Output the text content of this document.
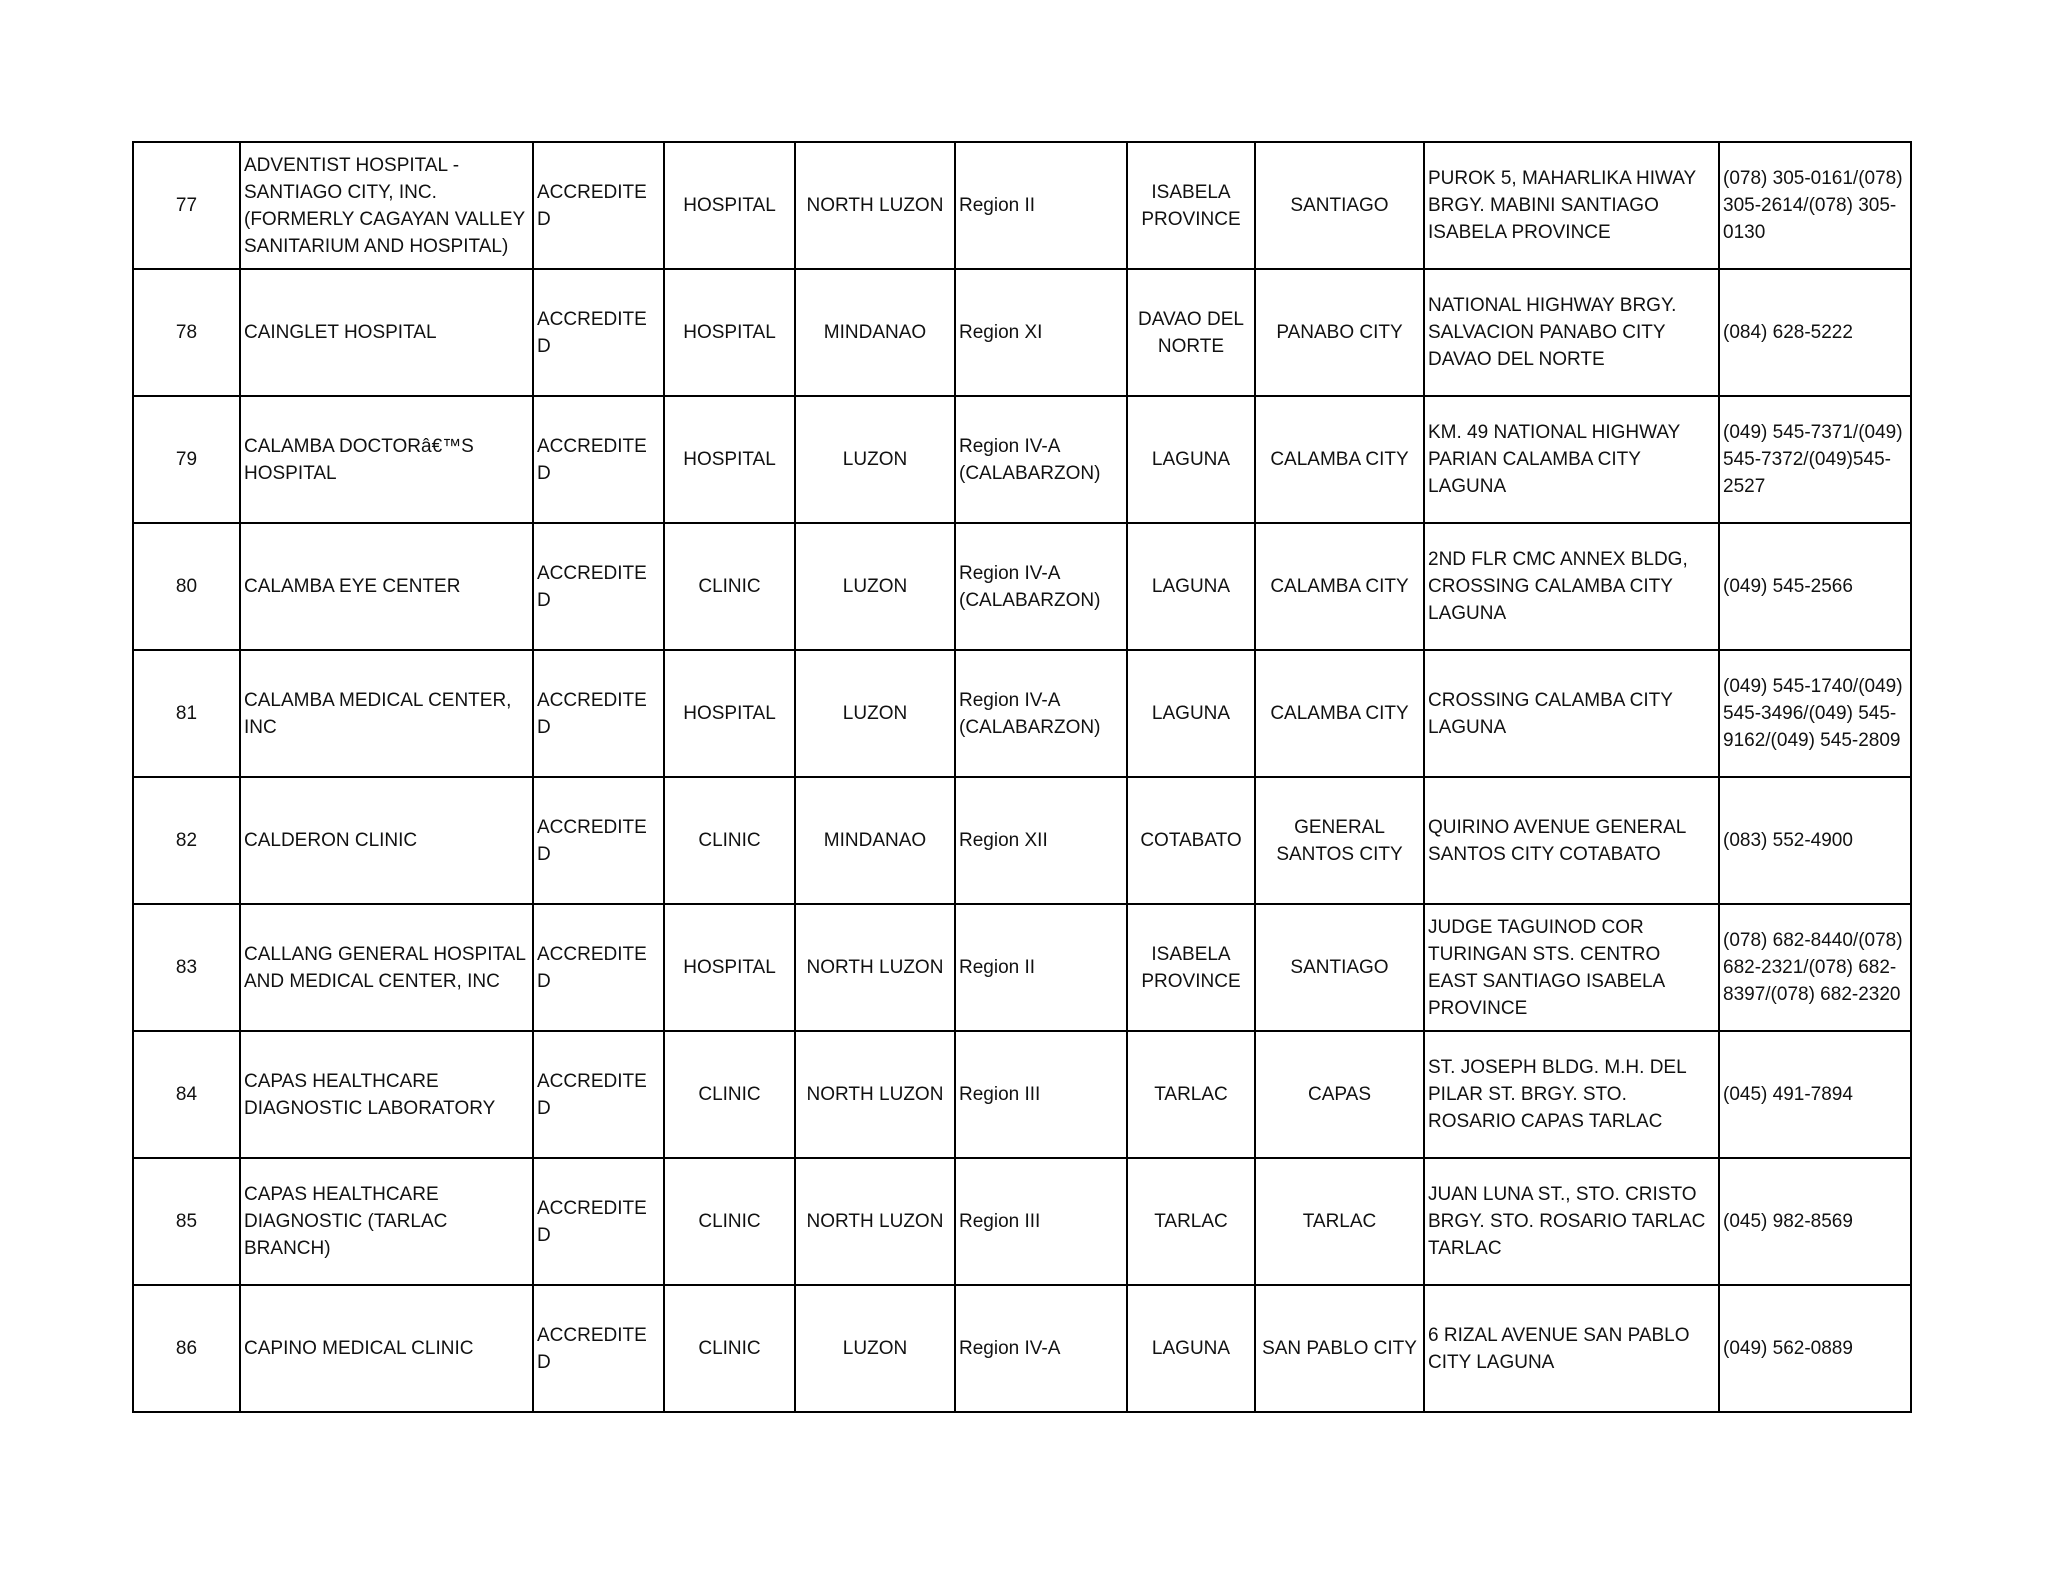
77	ADVENTIST HOSPITAL - SANTIAGO CITY, INC. (FORMERLY CAGAYAN VALLEY SANITARIUM AND HOSPITAL)	ACCREDITED	HOSPITAL	NORTH LUZON	Region II	ISABELA PROVINCE	SANTIAGO	PUROK 5, MAHARLIKA HIWAY BRGY. MABINI SANTIAGO ISABELA PROVINCE	(078) 305-0161/(078) 305-2614/(078) 305-0130
78	CAINGLET HOSPITAL	ACCREDITED	HOSPITAL	MINDANAO	Region XI	DAVAO DEL NORTE	PANABO CITY	NATIONAL HIGHWAY BRGY. SALVACION PANABO CITY DAVAO DEL NORTE	(084) 628-5222
79	CALAMBA DOCTORâ€™S HOSPITAL	ACCREDITED	HOSPITAL	LUZON	Region IV-A (CALABARZON)	LAGUNA	CALAMBA CITY	KM. 49 NATIONAL HIGHWAY PARIAN CALAMBA CITY LAGUNA	(049) 545-7371/(049) 545-7372/(049)545-2527
80	CALAMBA EYE CENTER	ACCREDITED	CLINIC	LUZON	Region IV-A (CALABARZON)	LAGUNA	CALAMBA CITY	2ND FLR CMC ANNEX BLDG, CROSSING CALAMBA CITY LAGUNA	(049) 545-2566
81	CALAMBA MEDICAL CENTER, INC	ACCREDITED	HOSPITAL	LUZON	Region IV-A (CALABARZON)	LAGUNA	CALAMBA CITY	CROSSING CALAMBA CITY LAGUNA	(049) 545-1740/(049) 545-3496/(049) 545-9162/(049) 545-2809
82	CALDERON CLINIC	ACCREDITED	CLINIC	MINDANAO	Region XII	COTABATO	GENERAL SANTOS CITY	QUIRINO AVENUE GENERAL SANTOS CITY COTABATO	(083) 552-4900
83	CALLANG GENERAL HOSPITAL AND MEDICAL CENTER, INC	ACCREDITED	HOSPITAL	NORTH LUZON	Region II	ISABELA PROVINCE	SANTIAGO	JUDGE TAGUINOD COR TURINGAN STS. CENTRO EAST SANTIAGO ISABELA PROVINCE	(078) 682-8440/(078) 682-2321/(078) 682-8397/(078) 682-2320
84	CAPAS HEALTHCARE DIAGNOSTIC LABORATORY	ACCREDITED	CLINIC	NORTH LUZON	Region III	TARLAC	CAPAS	ST. JOSEPH BLDG. M.H. DEL PILAR ST. BRGY. STO. ROSARIO CAPAS TARLAC	(045) 491-7894
85	CAPAS HEALTHCARE DIAGNOSTIC (TARLAC BRANCH)	ACCREDITED	CLINIC	NORTH LUZON	Region III	TARLAC	TARLAC	JUAN LUNA ST., STO. CRISTO BRGY. STO. ROSARIO TARLAC TARLAC	(045) 982-8569
86	CAPINO MEDICAL CLINIC	ACCREDITED	CLINIC	LUZON	Region IV-A	LAGUNA	SAN PABLO CITY	6 RIZAL AVENUE SAN PABLO CITY LAGUNA	(049) 562-0889
